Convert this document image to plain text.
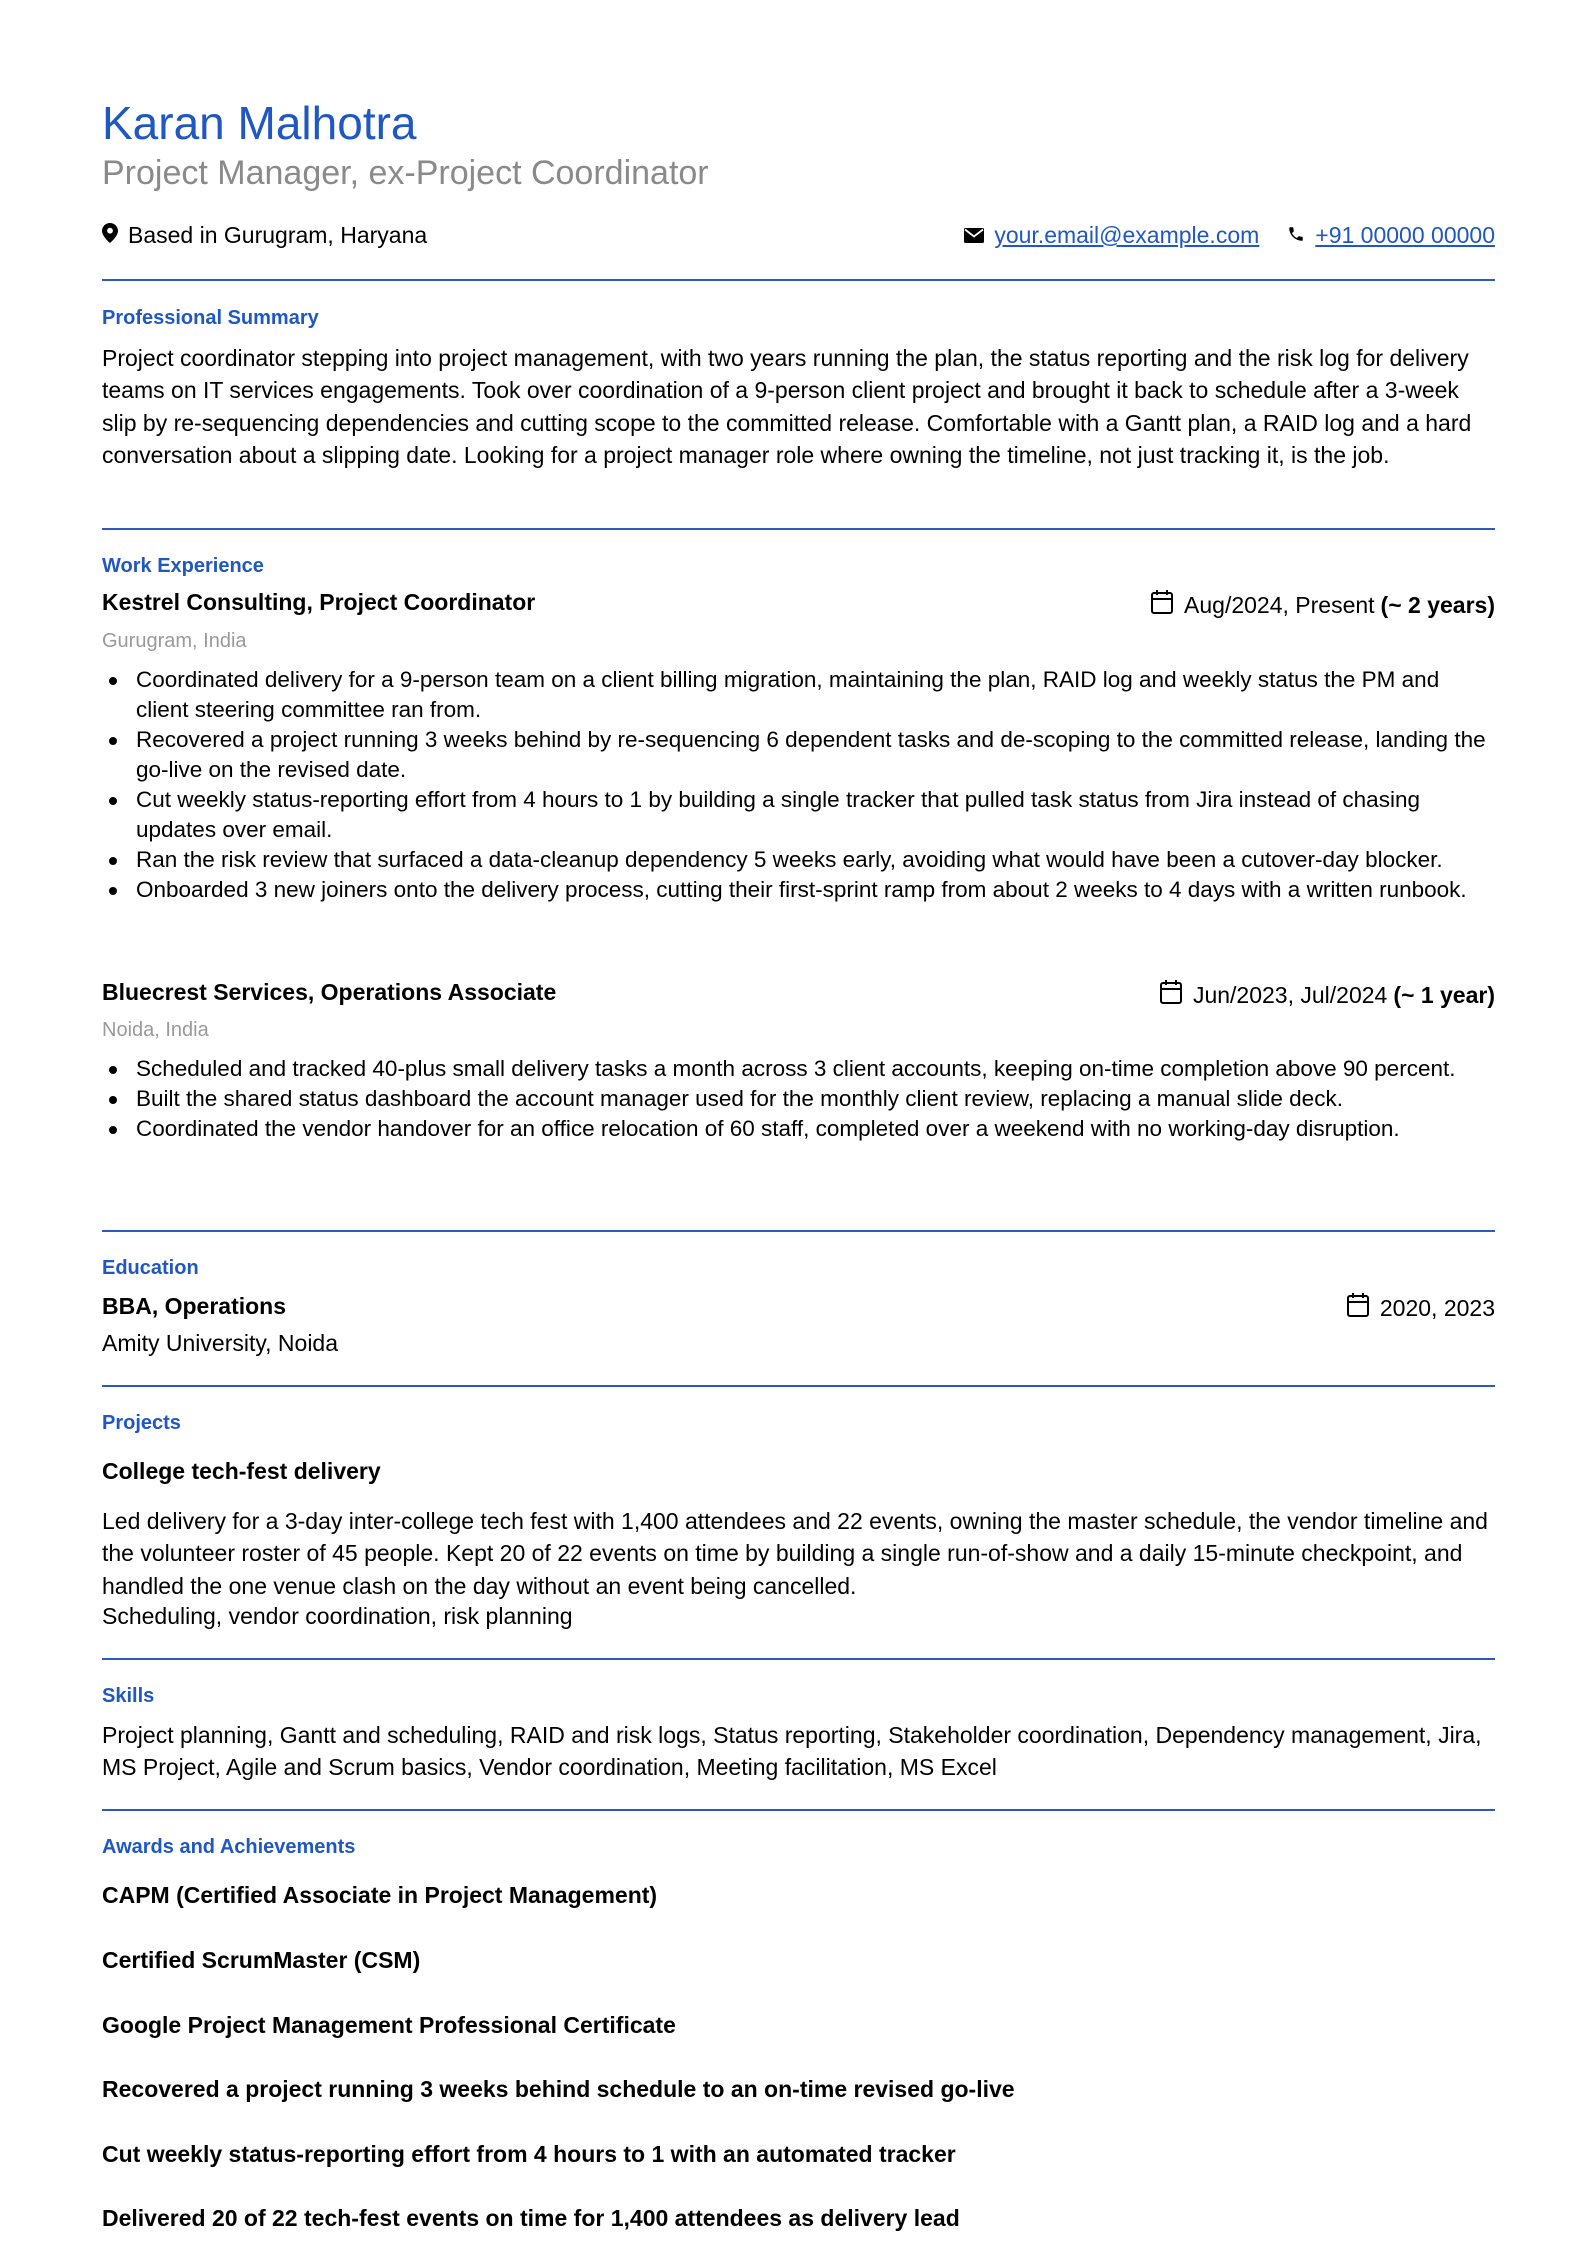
Karan Malhotra
Project Manager, ex-Project Coordinator
Based in Gurugram, Haryana	your.email@example.com +91 00000 00000
Professional Summary
Project coordinator stepping into project management, with two years running the plan, the status reporting and the risk log for delivery teams on IT services engagements. Took over coordination of a 9-person client project and brought it back to schedule after a 3-week slip by re-sequencing dependencies and cutting scope to the committed release. Comfortable with a Gantt plan, a RAID log and a hard conversation about a slipping date. Looking for a project manager role where owning the timeline, not just tracking it, is the job.
Work Experience
Kestrel Consulting, Project Coordinator	Aug/2024, Present (~ 2 years)
Gurugram, India
Coordinated delivery for a 9-person team on a client billing migration, maintaining the plan, RAID log and weekly status the PM and client steering committee ran from.
Recovered a project running 3 weeks behind by re-sequencing 6 dependent tasks and de-scoping to the committed release, landing the go-live on the revised date.
Cut weekly status-reporting effort from 4 hours to 1 by building a single tracker that pulled task status from Jira instead of chasing updates over email.
Ran the risk review that surfaced a data-cleanup dependency 5 weeks early, avoiding what would have been a cutover-day blocker.
Onboarded 3 new joiners onto the delivery process, cutting their first-sprint ramp from about 2 weeks to 4 days with a written runbook.
Bluecrest Services, Operations Associate	Jun/2023, Jul/2024 (~ 1 year)
Noida, India
Scheduled and tracked 40-plus small delivery tasks a month across 3 client accounts, keeping on-time completion above 90 percent.
Built the shared status dashboard the account manager used for the monthly client review, replacing a manual slide deck.
Coordinated the vendor handover for an office relocation of 60 staff, completed over a weekend with no working-day disruption.
Education
BBA, Operations	2020, 2023
Amity University, Noida
Projects
College tech-fest delivery
Led delivery for a 3-day inter-college tech fest with 1,400 attendees and 22 events, owning the master schedule, the vendor timeline and the volunteer roster of 45 people. Kept 20 of 22 events on time by building a single run-of-show and a daily 15-minute checkpoint, and handled the one venue clash on the day without an event being cancelled.
Scheduling, vendor coordination, risk planning
Skills
Project planning, Gantt and scheduling, RAID and risk logs, Status reporting, Stakeholder coordination, Dependency management, Jira, MS Project, Agile and Scrum basics, Vendor coordination, Meeting facilitation, MS Excel
Awards and Achievements
CAPM (Certified Associate in Project Management)
Certified ScrumMaster (CSM)
Google Project Management Professional Certificate
Recovered a project running 3 weeks behind schedule to an on-time revised go-live
Cut weekly status-reporting effort from 4 hours to 1 with an automated tracker
Delivered 20 of 22 tech-fest events on time for 1,400 attendees as delivery lead
